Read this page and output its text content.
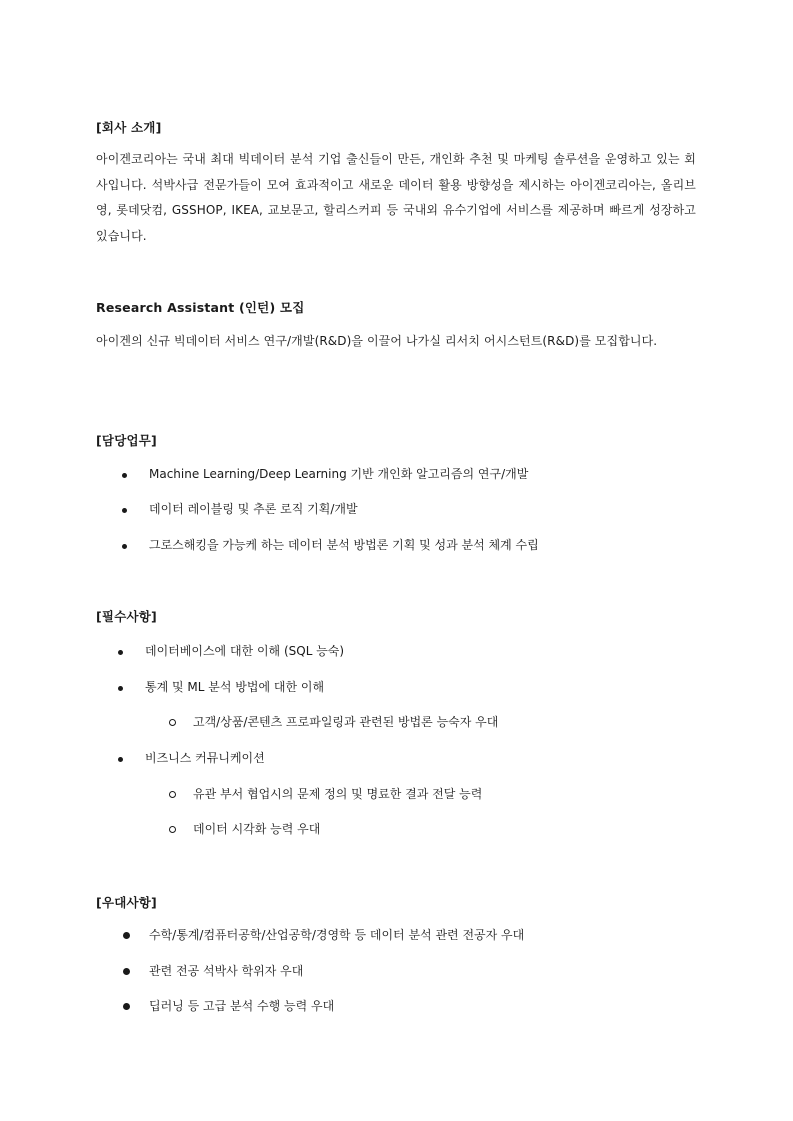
[회사 소개]

아이겐코리아는 국내 최대 빅데이터 분석 기업 출신들이 만든, 개인화 추천 및 마케팅 솔루션을 운영하고 있는 회사입니다. 석박사급 전문가들이 모여 효과적이고 새로운 데이터 활용 방향성을 제시하는 아이겐코리아는, 올리브영, 롯데닷컴, GSSHOP, IKEA, 교보문고, 할리스커피 등 국내외 유수기업에 서비스를 제공하며 빠르게 성장하고 있습니다.

Research Assistant (인턴) 모집

아이겐의 신규 빅데이터 서비스 연구/개발(R&D)을 이끌어 나가실 리서치 어시스턴트(R&D)를 모집합니다.

[담당업무]
Machine Learning/Deep Learning 기반 개인화 알고리즘의 연구/개발
데이터 레이블링 및 추론 로직 기획/개발
그로스해킹을 가능케 하는 데이터 분석 방법론 기획 및 성과 분석 체계 수립
[필수사항]
데이터베이스에 대한 이해 (SQL 능숙)
통계 및 ML 분석 방법에 대한 이해
고객/상품/콘텐츠 프로파일링과 관련된 방법론 능숙자 우대
비즈니스 커뮤니케이션
유관 부서 협업시의 문제 정의 및 명료한 결과 전달 능력
데이터 시각화 능력 우대
[우대사항]
수학/통계/컴퓨터공학/산업공학/경영학 등 데이터 분석 관련 전공자 우대
관련 전공 석박사 학위자 우대
딥러닝 등 고급 분석 수행 능력 우대
